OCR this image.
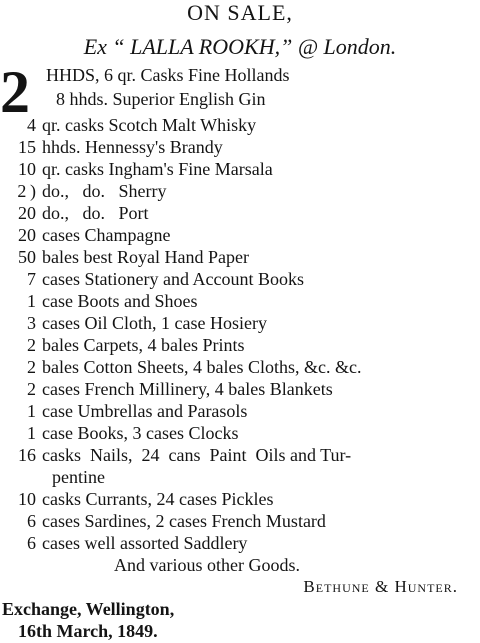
ON SALE,
Ex “ LALLA ROOKH,” @ London.
2 HHDS, 6 qr. Casks Fine Hollands
8 hhds. Superior English Gin
4 qr. casks Scotch Malt Whisky
15 hhds. Hennessy's Brandy
10 qr. casks Ingham's Fine Marsala
2 ) do.,   do.   Sherry
20 do.,   do.   Port
20 cases Champagne
50 bales best Royal Hand Paper
7 cases Stationery and Account Books
1 case Boots and Shoes
3 cases Oil Cloth, 1 case Hosiery
2 bales Carpets, 4 bales Prints
2 bales Cotton Sheets, 4 bales Cloths, &c. &c.
2 cases French Millinery, 4 bales Blankets
1 case Umbrellas and Parasols
1 case Books, 3 cases Clocks
16 casks  Nails,  24  cans  Paint  Oils and Tur-
pentine
10 casks Currants, 24 cases Pickles
6 cases Sardines, 2 cases French Mustard
6 cases well assorted Saddlery
And various other Goods.
Bethune & Hunter.
Exchange, Wellington,
16th March, 1849.
